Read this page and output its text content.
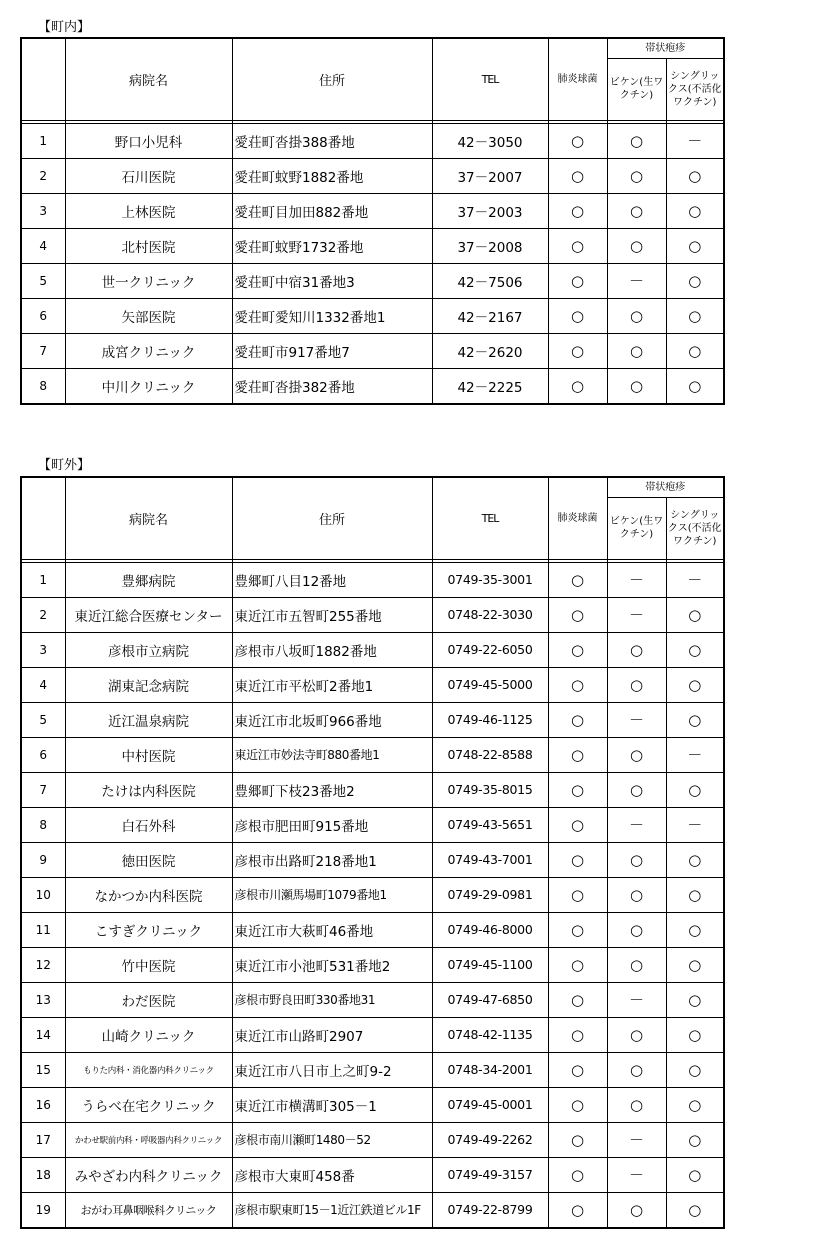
【町内】
	病院名	住所	TEL	肺炎球菌	帯状疱疹	
					ビケン(生ワクチン)	シングリックス(不活化ワクチン)

1	野口小児科	愛荘町沓掛388番地	42－3050	○	○	－
2	石川医院	愛荘町蚊野1882番地	37－2007	○	○	○
3	上林医院	愛荘町目加田882番地	37－2003	○	○	○
4	北村医院	愛荘町蚊野1732番地	37－2008	○	○	○
5	世一クリニック	愛荘町中宿31番地3	42－7506	○	－	○
6	矢部医院	愛荘町愛知川1332番地1	42－2167	○	○	○
7	成宮クリニック	愛荘町市917番地7	42－2620	○	○	○
8	中川クリニック	愛荘町沓掛382番地	42－2225	○	○	○
【町外】
	病院名	住所	TEL	肺炎球菌	帯状疱疹	
					ビケン(生ワクチン)	シングリックス(不活化ワクチン)

1	豊郷病院	豊郷町八目12番地	0749-35-3001	○	－	－
2	東近江総合医療センター	東近江市五智町255番地	0748-22-3030	○	－	○
3	彦根市立病院	彦根市八坂町1882番地	0749-22-6050	○	○	○
4	湖東記念病院	東近江市平松町2番地1	0749-45-5000	○	○	○
5	近江温泉病院	東近江市北坂町966番地	0749-46-1125	○	－	○
6	中村医院	東近江市妙法寺町880番地1	0748-22-8588	○	○	－
7	たけは内科医院	豊郷町下枝23番地2	0749-35-8015	○	○	○
8	白石外科	彦根市肥田町915番地	0749-43-5651	○	－	－
9	徳田医院	彦根市出路町218番地1	0749-43-7001	○	○	○
10	なかつか内科医院	彦根市川瀬馬場町1079番地1	0749-29-0981	○	○	○
11	こすぎクリニック	東近江市大萩町46番地	0749-46-8000	○	○	○
12	竹中医院	東近江市小池町531番地2	0749-45-1100	○	○	○
13	わだ医院	彦根市野良田町330番地31	0749-47-6850	○	－	○
14	山崎クリニック	東近江市山路町2907	0748-42-1135	○	○	○
15	もりた内科・消化器内科クリニック	東近江市八日市上之町9-2	0748-34-2001	○	○	○
16	うらべ在宅クリニック	東近江市横溝町305－1	0749-45-0001	○	○	○
17	かわせ駅前内科・呼吸器内科クリニック	彦根市南川瀬町1480－52	0749-49-2262	○	－	○
18	みやざわ内科クリニック	彦根市大東町458番	0749-49-3157	○	－	○
19	おがわ耳鼻咽喉科クリニック	彦根市駅東町15－1近江鉄道ビル1F	0749-22-8799	○	○	○
